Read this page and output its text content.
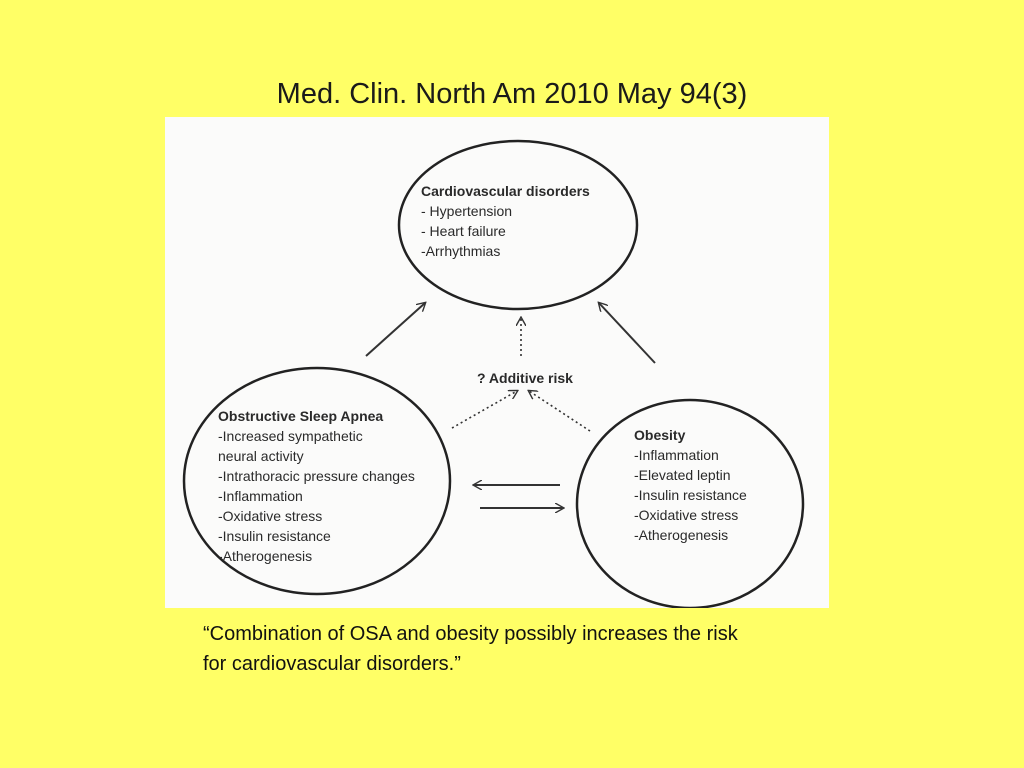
Med. Clin. North Am 2010 May 94(3)
Cardiovascular disorders
- Hypertension
- Heart failure
-Arrhythmias
? Additive risk
Obstructive Sleep Apnea
-Increased sympathetic
neural activity
-Intrathoracic pressure changes
-Inflammation
-Oxidative stress
-Insulin resistance
-Atherogenesis
Obesity
-Inflammation
-Elevated leptin
-Insulin resistance
-Oxidative stress
-Atherogenesis
“Combination of OSA and obesity possibly increases the risk
for cardiovascular disorders.”
